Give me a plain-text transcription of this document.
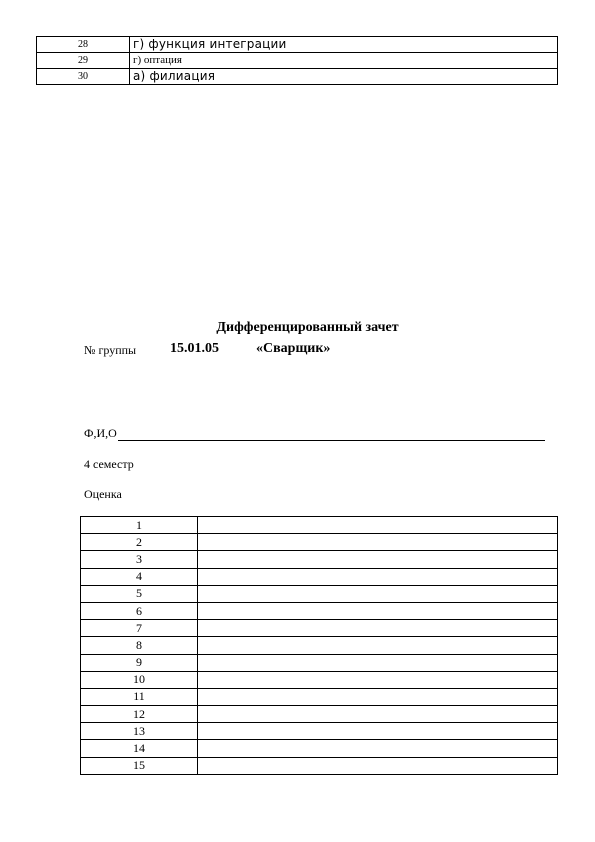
28	г) функция интеграции
29	г) оптация
30	а) филиация
Дифференцированный зачет
№ группы 15.01.05	«Сварщик»
Ф,И,О
4 семестр
Оценка
1	
2	
3	
4	
5	
6	
7	
8	
9	
10	
11	
12	
13	
14	
15	
